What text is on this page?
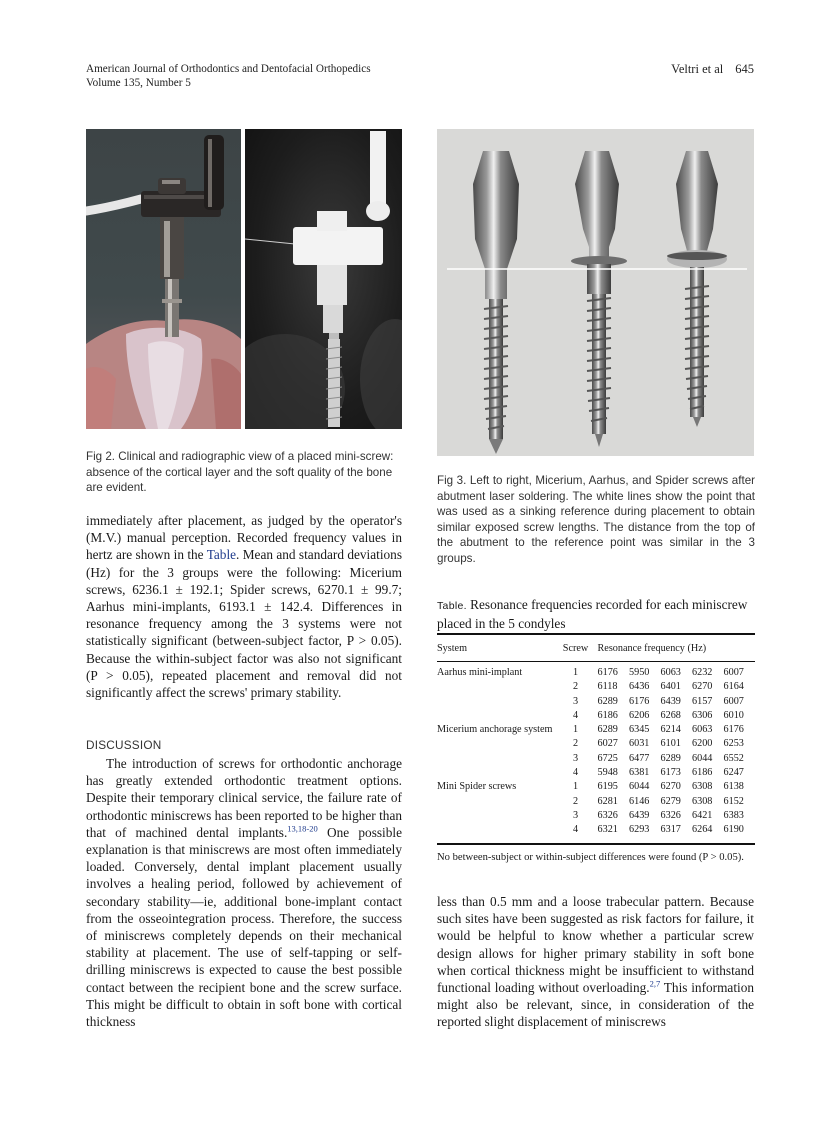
American Journal of Orthodontics and Dentofacial Orthopedics
Volume 135, Number 5
Veltri et al 645
Fig 2. Clinical and radiographic view of a placed mini-screw: absence of the cortical layer and the soft quality of the bone are evident.
Fig 3. Left to right, Micerium, Aarhus, and Spider screws after abutment laser soldering. The white lines show the point that was used as a sinking reference during placement to obtain similar exposed screw lengths. The distance from the top of the abutment to the reference point was similar in the 3 groups.

immediately after placement, as judged by the operator's (M.V.) manual perception. Recorded frequency values in hertz are shown in the Table. Mean and standard deviations (Hz) for the 3 groups were the following: Micerium screws, 6236.1 ± 192.1; Spider screws, 6270.1 ± 99.7; Aarhus mini-implants, 6193.1 ± 142.4. Differences in resonance frequency among the 3 systems were not statistically significant (between-subject factor, P > 0.05). Because the within-subject factor was also not significant (P > 0.05), repeated placement and removal did not significantly affect the screws' primary stability.

DISCUSSION

The introduction of screws for orthodontic anchorage has greatly extended orthodontic treatment options. Despite their temporary clinical service, the failure rate of orthodontic miniscrews has been reported to be higher than that of machined dental implants.$^{13,18-20}$ One possible explanation is that miniscrews are most often immediately loaded. Conversely, dental implant placement usually involves a healing period, followed by achievement of secondary stability—ie, additional bone-implant contact from the osseointegration process. Therefore, the success of miniscrews completely depends on their mechanical stability at placement. The use of self-tapping or self-drilling miniscrews is expected to cause the best possible contact between the recipient bone and the screw surface. This might be difficult to obtain in soft bone with cortical thickness

Table. Resonance frequencies recorded for each miniscrew placed in the 5 condyles
System	Screw	Resonance frequency (Hz)
Aarhus mini-implant	1	6176 5950 6063 6232 6007
	2	6118 6436 6401 6270 6164
	3	6289 6176 6439 6157 6007
	4	6186 6206 6268 6306 6010
Micerium anchorage system	1	6289 6345 6214 6063 6176
	2	6027 6031 6101 6200 6253
	3	6725 6477 6289 6044 6552
	4	5948 6381 6173 6186 6247
Mini Spider screws	1	6195 6044 6270 6308 6138
	2	6281 6146 6279 6308 6152
	3	6326 6439 6326 6421 6383
	4	6321 6293 6317 6264 6190
No between-subject or within-subject differences were found (P > 0.05).

less than 0.5 mm and a loose trabecular pattern. Because such sites have been suggested as risk factors for failure, it would be helpful to know whether a particular screw design allows for higher primary stability in soft bone when cortical thickness might be insufficient to withstand functional loading without overloading.$^{2,7}$ This information might also be relevant, since, in consideration of the reported slight displacement of miniscrews
